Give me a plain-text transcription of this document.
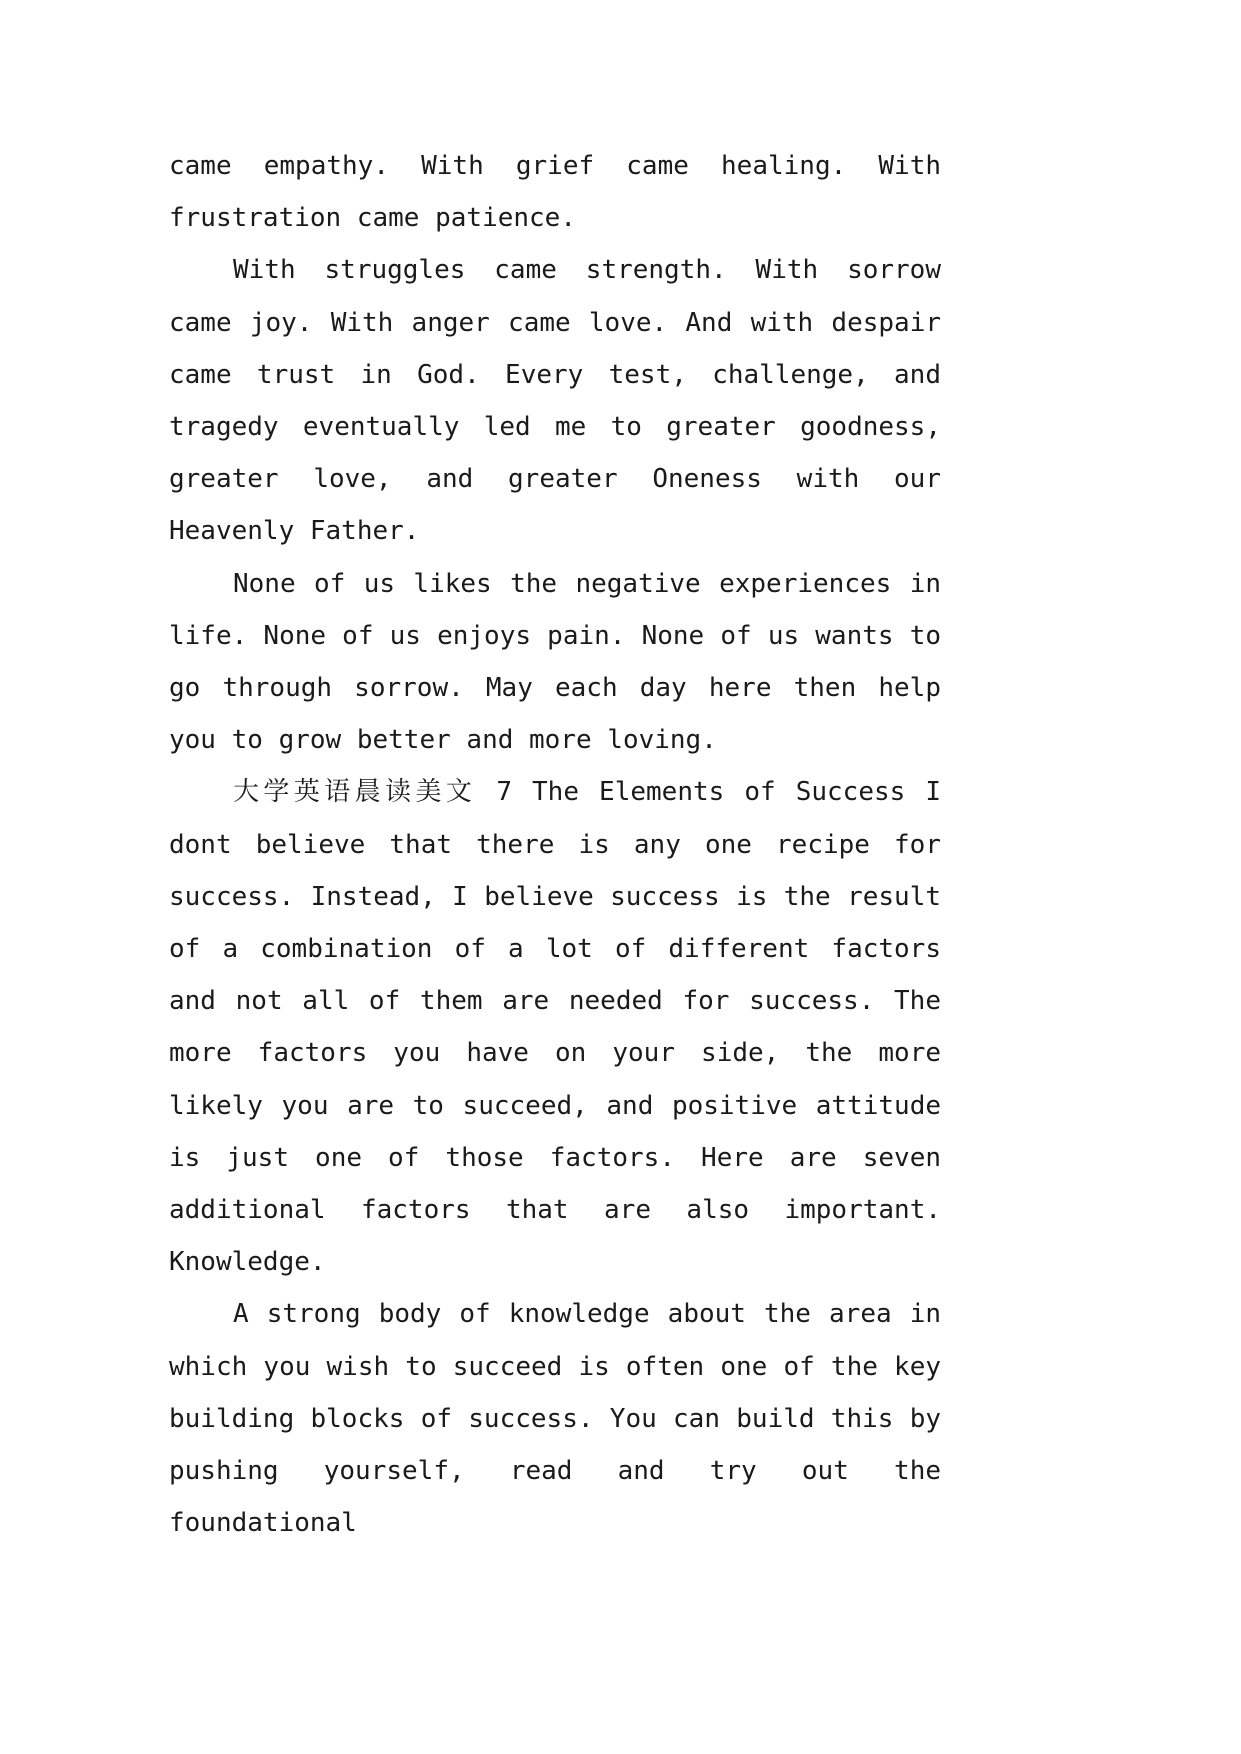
came empathy. With grief came healing. With frustration came patience.

With struggles came strength. With sorrow came joy. With anger came love. And with despair came trust in God. Every test, challenge, and tragedy eventually led me to greater goodness, greater love, and greater Oneness with our Heavenly Father.

None of us likes the negative experiences in life. None of us enjoys pain. None of us wants to go through sorrow. May each day here then help you to grow better and more loving.

大学英语晨读美文 7 The Elements of Success I dont believe that there is any one recipe for success. Instead, I believe success is the result of a combination of a lot of different factors and not all of them are needed for success. The more factors you have on your side, the more likely you are to succeed, and positive attitude is just one of those factors. Here are seven additional factors that are also important. Knowledge.

A strong body of knowledge about the area in which you wish to succeed is often one of the key building blocks of success. You can build this by pushing yourself, read and try out the foundational
